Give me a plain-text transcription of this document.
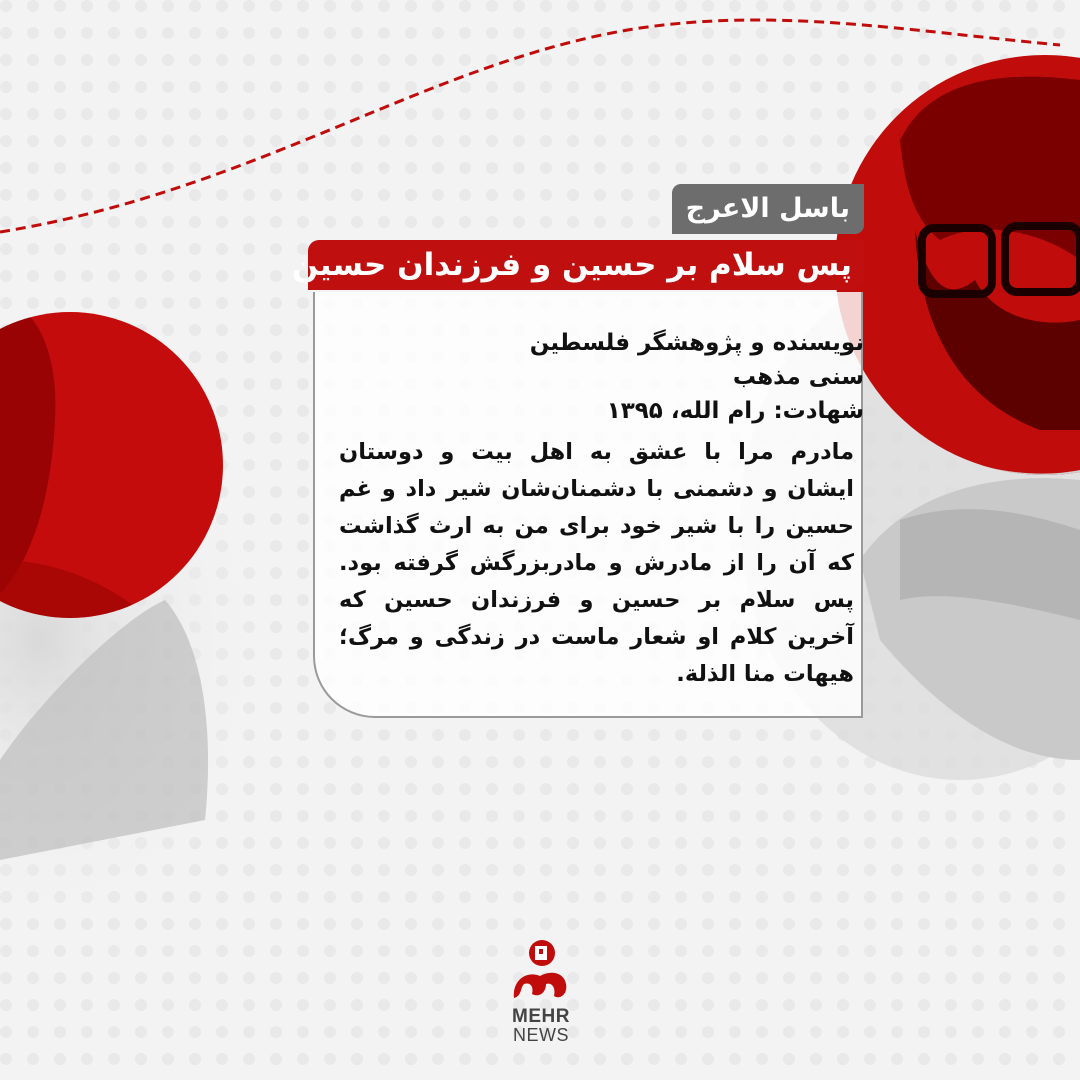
باسل الاعرج
پس سلام بر حسین و فرزندان حسین
نویسنده و پژوهشگر فلسطین
سنی مذهب
شهادت: رام الله، ۱۳۹۵
مادرم مرا با عشق به اهل بیت و دوستان ایشان و دشمنی با دشمنان‌شان شیر داد و غم حسین را با شیر خود برای من به ارث گذاشت که آن را از مادرش و مادربزرگش گرفته بود. پس سلام بر حسین و فرزندان حسین که آخرین کلام او شعار ماست در زندگی و مرگ؛ هیهات منا الذلة.
MEHR
NEWS
